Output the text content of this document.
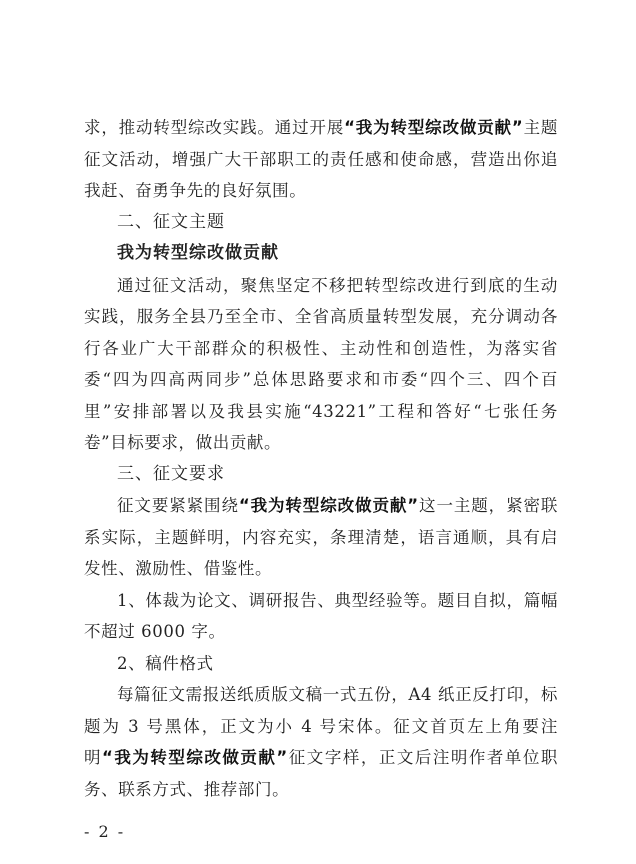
求，推动转型综改实践。通过开展“我为转型综改做贡献”主题征文活动，增强广大干部职工的责任感和使命感，营造出你追我赶、奋勇争先的良好氛围。

二、征文主题

我为转型综改做贡献

通过征文活动，聚焦坚定不移把转型综改进行到底的生动实践，服务全县乃至全市、全省高质量转型发展，充分调动各行各业广大干部群众的积极性、主动性和创造性，为落实省委“四为四高两同步”总体思路要求和市委“四个三、四个百里”安排部署以及我县实施“43221”工程和答好“七张任务卷”目标要求，做出贡献。

三、征文要求

征文要紧紧围绕“我为转型综改做贡献”这一主题，紧密联系实际，主题鲜明，内容充实，条理清楚，语言通顺，具有启发性、激励性、借鉴性。

1、体裁为论文、调研报告、典型经验等。题目自拟，篇幅不超过 6000 字。

2、稿件格式

每篇征文需报送纸质版文稿一式五份，A4 纸正反打印，标题为 3 号黑体，正文为小 4 号宋体。征文首页左上角要注明“我为转型综改做贡献”征文字样，正文后注明作者单位职务、联系方式、推荐部门。

- 2 -
